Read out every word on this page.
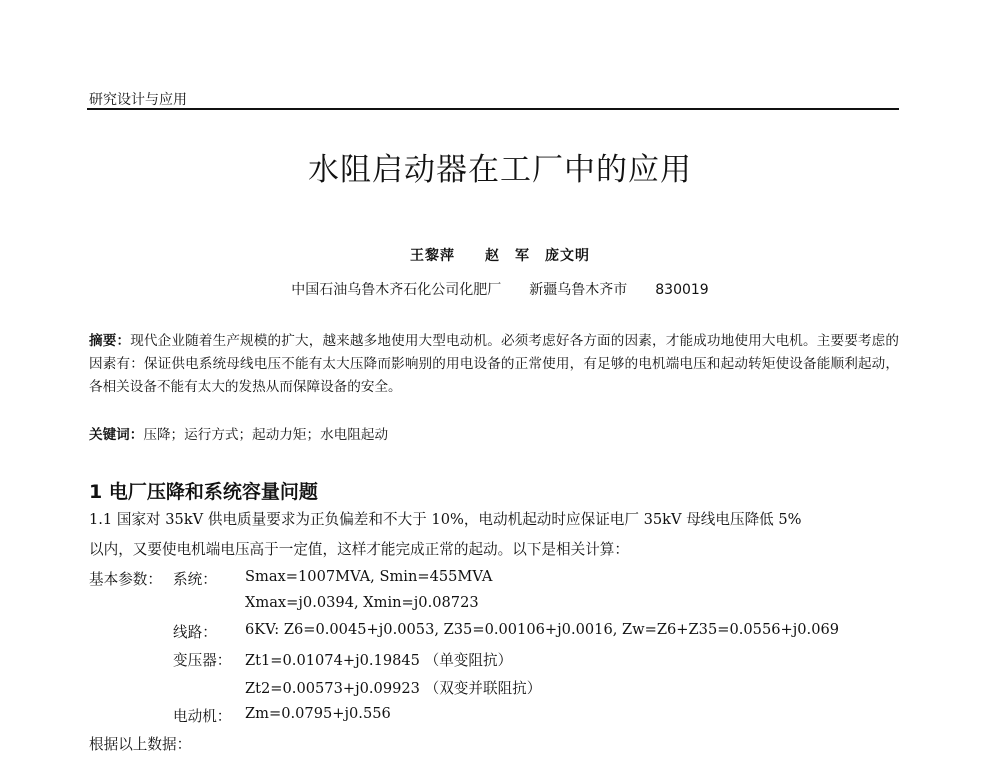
研究设计与应用
水阻启动器在工厂中的应用
王黎萍　　赵　军　庞文明
中国石油乌鲁木齐石化公司化肥厂　　新疆乌鲁木齐市　　830019
摘要：现代企业随着生产规模的扩大，越来越多地使用大型电动机。必须考虑好各方面的因素，才能成功地使用大电机。主要要考虑的因素有：保证供电系统母线电压不能有太大压降而影响别的用电设备的正常使用，有足够的电机端电压和起动转矩使设备能顺利起动，各相关设备不能有太大的发热从而保障设备的安全。
关键词：压降；运行方式；起动力矩；水电阻起动
1 电厂压降和系统容量问题
1.1 国家对 35kV 供电质量要求为正负偏差和不大于 10%，电动机起动时应保证电厂 35kV 母线电压降低 5%
以内，又要使电机端电压高于一定值，这样才能完成正常的起动。以下是相关计算：
基本参数： 系统： Smax=1007MVA, Smin=455MVA
Xmax=j0.0394, Xmin=j0.08723
线路： 6KV: Z6=0.0045+j0.0053, Z35=0.00106+j0.0016, Zw=Z6+Z35=0.0556+j0.069
变压器： Zt1=0.01074+j0.19845 （单变阻抗）
Zt2=0.00573+j0.09923 （双变并联阻抗）
电动机： Zm=0.0795+j0.556
根据以上数据：
